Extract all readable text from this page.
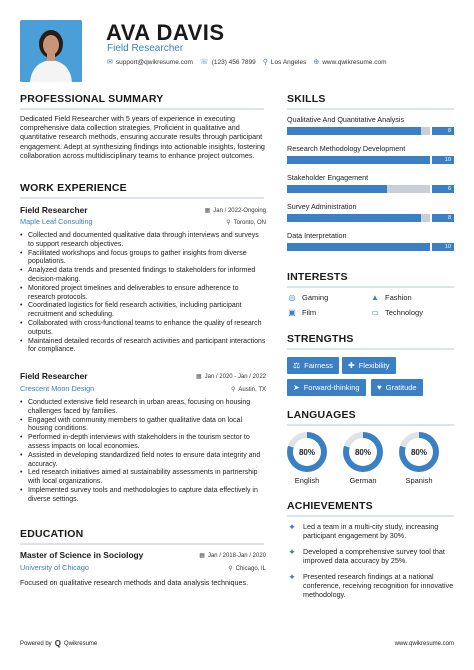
AVA DAVIS
Field Researcher
✉ support@qwikresume.com ☏ (123) 456 7899 ⚲ Los Angeles ⊕ www.qwikresume.com
PROFESSIONAL SUMMARY
Dedicated Field Researcher with 5 years of experience in executing comprehensive data collection strategies. Proficient in qualitative and quantitative research methods, ensuring accurate results through participant engagement. Adept at synthesizing findings into actionable insights, fostering collaboration across multidisciplinary teams to enhance project outcomes.
WORK EXPERIENCE
Field Researcher	▦ Jan / 2022-Ongoing
Maple Leaf Consulting	⚲ Toronto, ON
• Collected and documented qualitative data through interviews and surveys to support research objectives.
• Facilitated workshops and focus groups to gather insights from diverse populations.
• Analyzed data trends and presented findings to stakeholders for informed decision-making.
• Monitored project timelines and deliverables to ensure adherence to research protocols.
• Coordinated logistics for field research activities, including participant recruitment and scheduling.
• Collaborated with cross-functional teams to enhance the quality of research outputs.
• Maintained detailed records of research activities and participant interactions for compliance.
Field Researcher	▦ Jan / 2020 - Jan / 2022
Crescent Moon Design	⚲ Austin, TX
• Conducted extensive field research in urban areas, focusing on housing challenges faced by families.
• Engaged with community members to gather qualitative data on local housing conditions.
• Performed in-depth interviews with stakeholders in the tourism sector to assess impacts on local economies.
• Assisted in developing standardized field notes to ensure data integrity and accuracy.
• Led research initiatives aimed at sustainability assessments in partnership with local organizations.
• Implemented survey tools and methodologies to capture data effectively in diverse settings.
EDUCATION
Master of Science in Sociology	▦ Jan / 2018-Jan / 2020
University of Chicago	⚲ Chicago, IL
Focused on qualitative research methods and data analysis techniques.
SKILLS
Qualitative And Quantitative Analysis
8
Research Methodology Development
10
Stakeholder Engagement
6
Survey Administration
8
Data Interpretation
10
INTERESTS
◎ Gaming	▲ Fashion
▣ Film	▭ Technology
STRENGTHS
⚖ Fairness ✚ Flexibility
➤ Forward-thinking ♥ Gratitude
LANGUAGES
80%
English
80%
German
80%
Spanish
ACHIEVEMENTS
✦ Led a team in a multi-city study, increasing participant engagement by 30%.
✦ Developed a comprehensive survey tool that improved data accuracy by 25%.
✦ Presented research findings at a national conference, receiving recognition for innovative methodology.
Powered by Q Qwikresume	www.qwikresume.com
